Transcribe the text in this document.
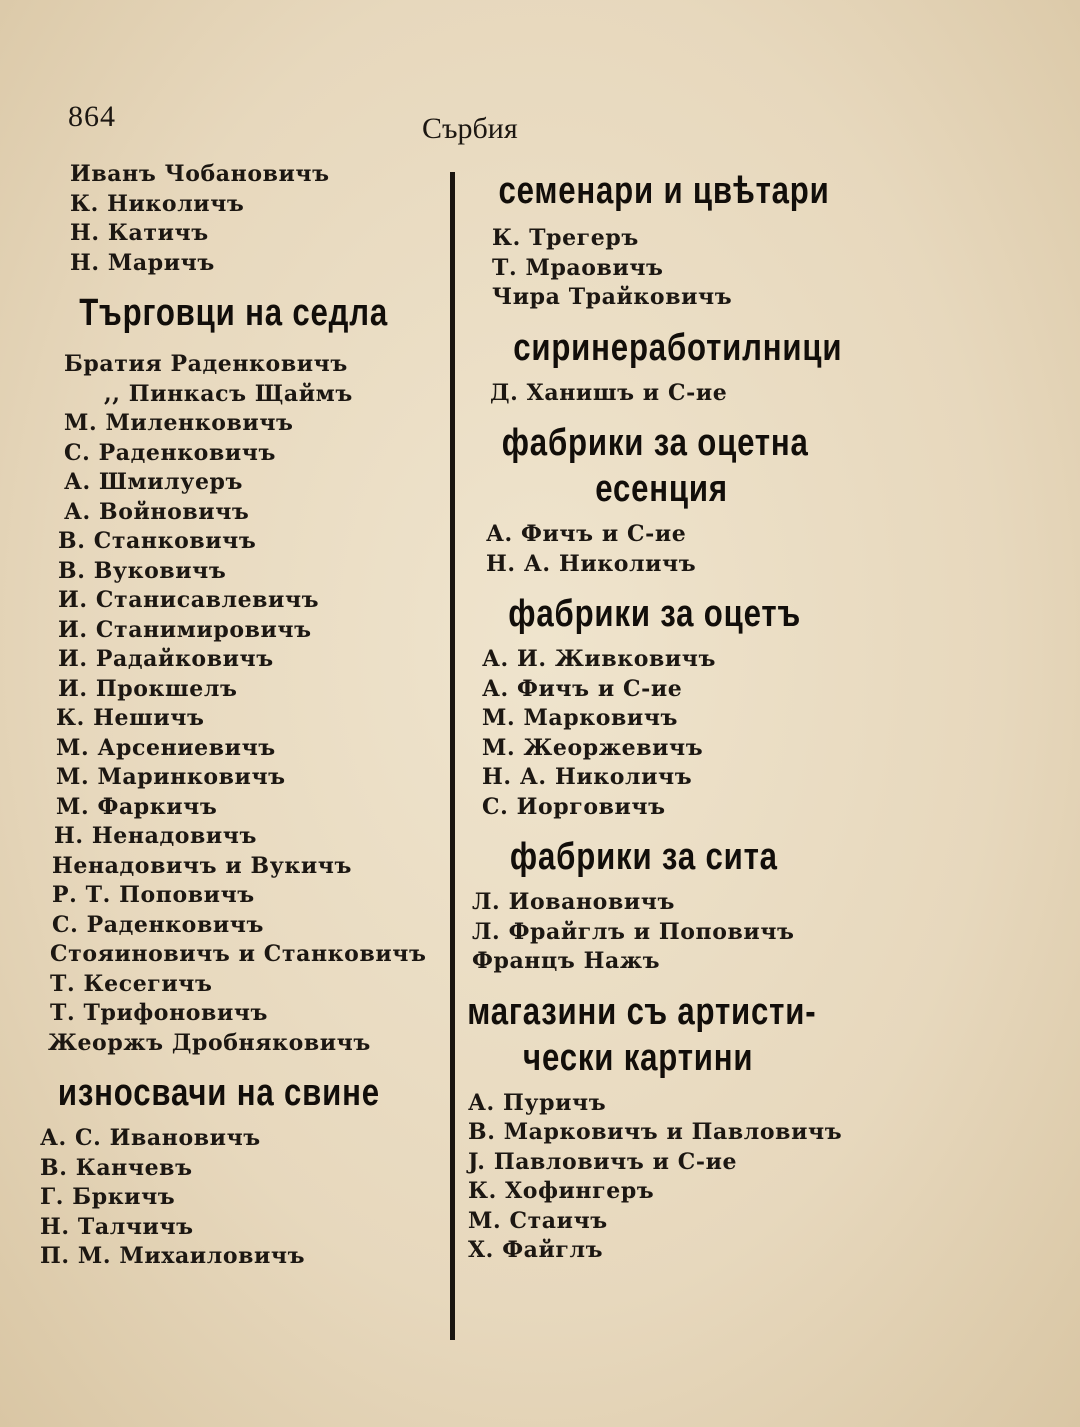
864	Сърбия
Иванъ Чобановичъ
К. Николичъ
Н. Катичъ
Н. Маричъ
Търговци на седла
Братия Раденковичъ
,, Пинкасъ Щаймъ
М. Миленковичъ
С. Раденковичъ
А. Шмилуеръ
А. Войновичъ
В. Станковичъ
В. Вуковичъ
И. Станисавлевичъ
И. Станимировичъ
И. Радайковичъ
И. Прокшелъ
К. Нешичъ
М. Арсениевичъ
М. Маринковичъ
М. Фаркичъ
Н. Ненадовичъ
Ненадовичъ и Вукичъ
Р. Т. Поповичъ
С. Раденковичъ
Стояиновичъ и Станковичъ
Т. Кесегичъ
Т. Трифоновичъ
Жеоржъ Дробняковичъ
износвачи на свине
А. С. Ивановичъ
В. Канчевъ
Г. Бркичъ
Н. Талчичъ
П. М. Михаиловичъ
семенари и цвѣтари
К. Трегеръ
Т. Мраовичъ
Чира Трайковичъ
сиринеработилници
Д. Ханишъ и С-ие
фабрики за оцетна
есенция
А. Фичъ и С-ие
Н. А. Николичъ
фабрики за оцетъ
А. И. Живковичъ
А. Фичъ и С-ие
М. Марковичъ
М. Жеоржевичъ
Н. А. Николичъ
С. Иорговичъ
фабрики за сита
Л. Иовановичъ
Л. Фрайглъ и Поповичъ
Францъ Нажъ
магазини съ артисти-
чески картини
А. Пуричъ
В. Марковичъ и Павловичъ
J. Павловичъ и С-ие
К. Хофингеръ
М. Стаичъ
Х. Файглъ
